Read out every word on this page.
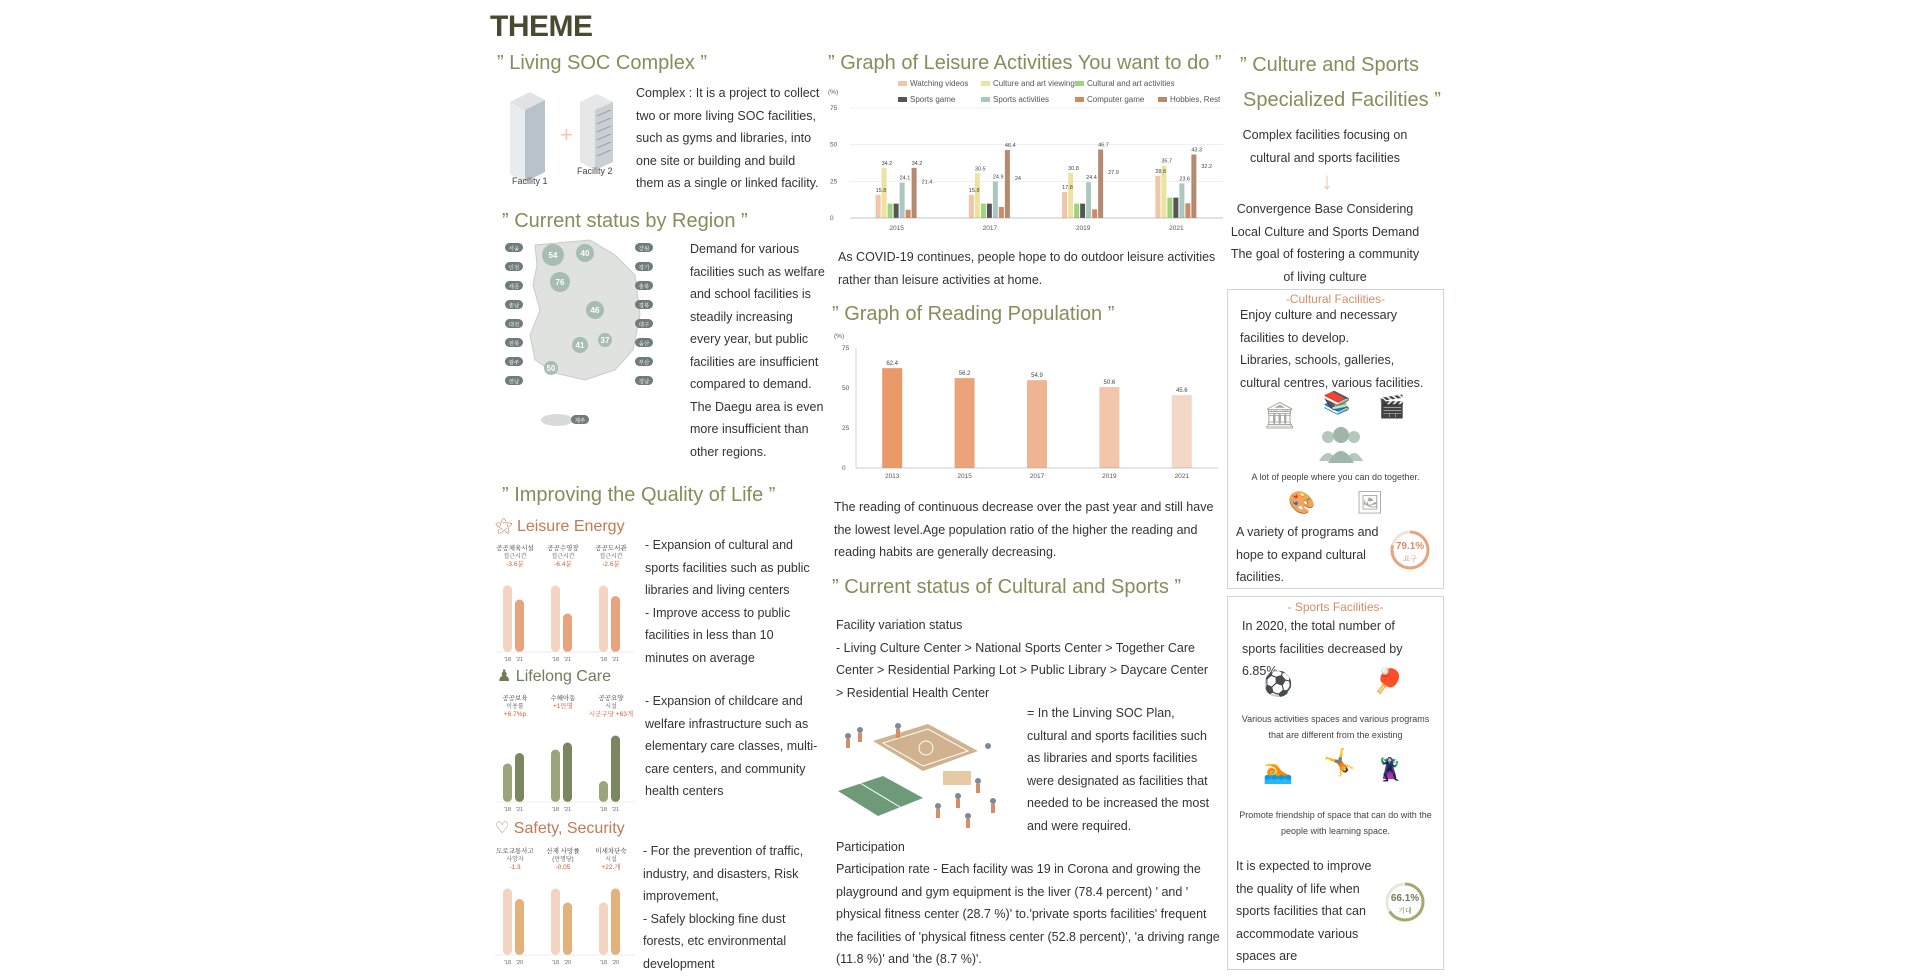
THEME
” Living SOC Complex ”
+
Facility 1
Facility 2
Complex : It is a project to collect two or more living SOC facilities, such as gyms and libraries, into one site or building and build them as a single or linked facility.
” Current status by Region ”
54	40
76
46
41
37
50
서울
인천
세종
충남
대전
전북
광주
전남
강원
경기
충북
경북
대구
울산
부산
경남
제주
Demand for various facilities such as welfare and school facilities is steadily increasing every year, but public facilities are insufficient compared to demand. The Daegu area is even more insufficient than other regions.
” Improving the Quality of Life ”
⚝ Leisure Energy
공공체육시설
접근시간
-3.6분
'18 '21
공공수영장
접근시간
-6.4분
'18 '21
공공도서관
접근시간
-2.6분
'18 '21
- Expansion of cultural and sports facilities such as public libraries and living centers
- Improve access to public facilities in less than 10 minutes on average
♟ Lifelong Care
공공보육
이용률
+6.7%p
'18 '21
수혜아동
+1만명
'18 '21
공공요양
시설
시군구당 +63개
'18 '21
- Expansion of childcare and welfare infrastructure such as elementary care classes, multi-care centers, and community health centers
♡ Safety, Security
도로교통사고
사망자
-1.3
'18 '20
산재 사망률
(만명당)
-0.05
'18 '20
미세차단숙
시설
+22.개
'18 '20
- For the prevention of traffic, industry, and disasters, Risk improvement,
- Safely blocking fine dust forests, etc environmental development
” Graph of Leisure Activities You want to do ”
Watching videos	Culture and art viewing Cultural and art activities
Sports game	Sports activities	Computer game	Hobbies, Rest
(%)
0
25
50
75
2015
15.8
34.2
24.1
34.2
21.4
2017
15.8
30.5
24.9
46.4
24
2019
17.8
30.8
24.4
46.7
27.9
2021
28.8
35.7
23.6
43.3
32.2
As COVID-19 continues, people hope to do outdoor leisure activities rather than leisure activities at home.
” Graph of Reading Population ”
(%)
0
25
50
75
62.4
2013
56.2
2015
54.9
2017
50.6
2019
45.6
2021
The reading of continuous decrease over the past year and still have the lowest level.Age population ratio of the higher the reading and reading habits are generally decreasing.
” Current status of Cultural and Sports ”
Facility variation status
- Living Culture Center > National Sports Center > Together Care Center > Residential Parking Lot > Public Library > Daycare Center > Residential Health Center
= In the Linving SOC Plan, cultural and sports facilities such as libraries and sports facilities were designated as facilities that needed to be increased the most and were required.
Participation
Participation rate - Each facility was 19 in Corona and growing the playground and gym equipment is the liver (78.4 percent) ' and ' physical fitness center (28.7 %)' to.'private sports facilities' frequent the facilities of 'physical fitness center (52.8 percent)', 'a driving range (11.8 %)' and 'the (8.7 %)'.
” Culture and Sports
Specialized Facilities ”
Complex facilities focusing on cultural and sports facilities
↓
Convergence Base Considering Local Culture and Sports Demand
The goal of fostering a community of living culture
-Cultural Facilities-
Enjoy culture and necessary facilities to develop.
Libraries, schools, galleries, cultural centres, various facilities.
🏛 📚 🎬
A lot of people where you can do together.
🎨 🖼
A variety of programs and hope to expand cultural facilities.
79.1%
요구
- Sports Facilities-
In 2020, the total number of sports facilities decreased by 6.85%
⚽	🏓
Various activities spaces and various programs that are different from the existing
🏊 🤸 🦹
Promote friendship of space that can do with the people with learning space.
It is expected to improve the quality of life when sports facilities that can accommodate various spaces are
66.1%
기대
